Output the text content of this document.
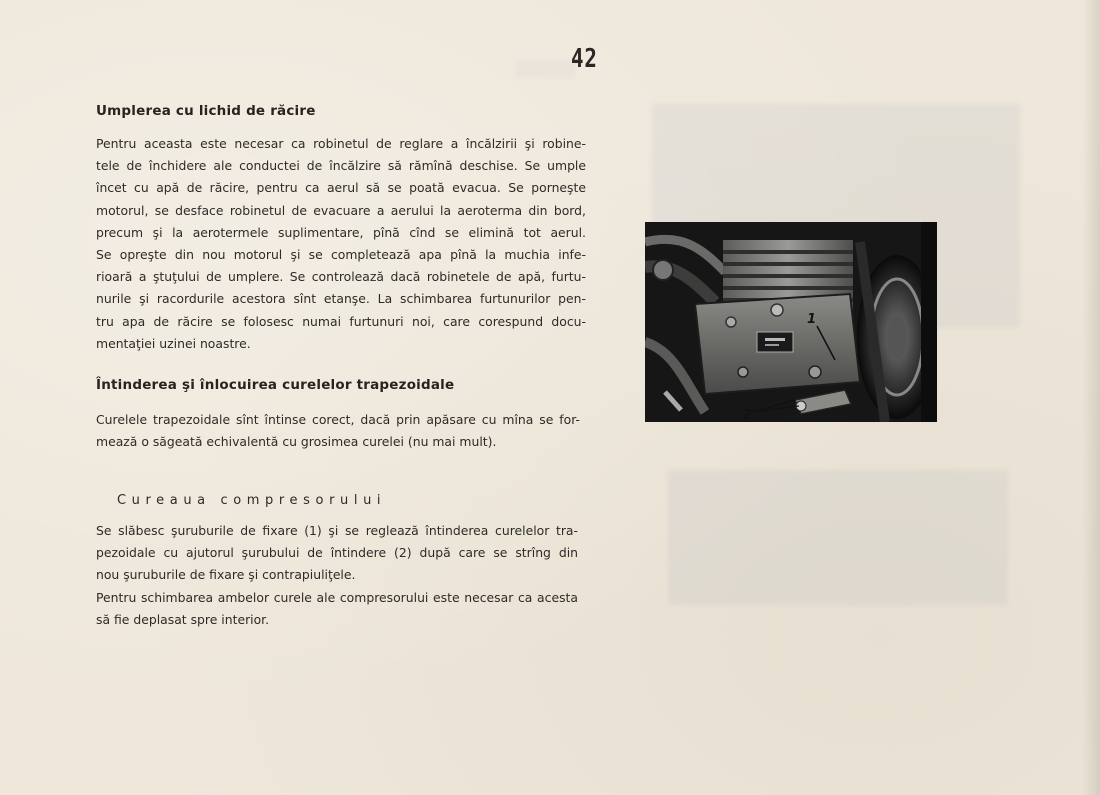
42
Umplerea cu lichid de răcire
Pentru aceasta este necesar ca robinetul de reglare a încălzirii şi robine-
tele de închidere ale conductei de încălzire să rămînă deschise. Se umple
încet cu apă de răcire, pentru ca aerul să se poată evacua. Se porneşte
motorul, se desface robinetul de evacuare a aerului la aeroterma din bord,
precum şi la aerotermele suplimentare, pînă cînd se elimină tot aerul.
Se opreşte din nou motorul şi se completează apa pînă la muchia infe-
rioară a ştuţului de umplere. Se controlează dacă robinetele de apă, furtu-
nurile şi racordurile acestora sînt etanşe. La schimbarea furtunurilor pen-
tru apa de răcire se folosesc numai furtunuri noi, care corespund docu-
mentaţiei uzinei noastre.
Întinderea şi înlocuirea curelelor trapezoidale
Curelele trapezoidale sînt întinse corect, dacă prin apăsare cu mîna se for-
mează o săgeată echivalentă cu grosimea curelei (nu mai mult).
Cureaua compresorului
Se slăbesc şuruburile de fixare (1) şi se reglează întinderea curelelor tra-
pezoidale cu ajutorul şurubului de întindere (2) după care se strîng din
nou şuruburile de fixare şi contrapiuliţele.
Pentru schimbarea ambelor curele ale compresorului este necesar ca acesta
să fie deplasat spre interior.
1
2
